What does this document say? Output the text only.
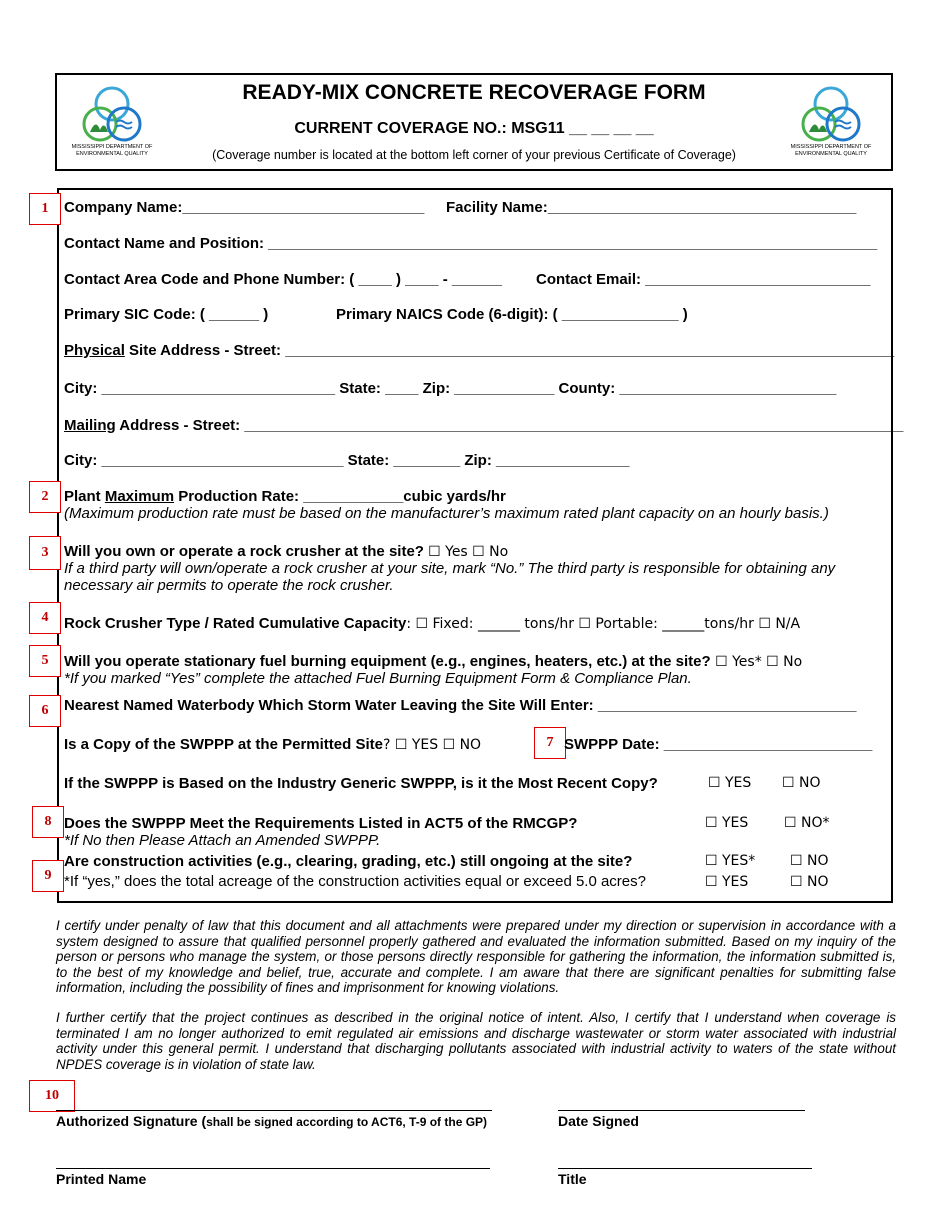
MISSISSIPPI DEPARTMENT OF
ENVIRONMENTAL QUALITY
MISSISSIPPI DEPARTMENT OF
ENVIRONMENTAL QUALITY
READY-MIX CONCRETE RECOVERAGE FORM
CURRENT COVERAGE NO.: MSG11 __ __ __ __
(Coverage number is located at the bottom left corner of your previous Certificate of Coverage)
1
2
3
4
5
6
7
8
9
10
Company Name:_____________________________ Facility Name:_____________________________________
Contact Name and Position: _________________________________________________________________________
Contact Area Code and Phone Number: ( ____ ) ____ - ______ Contact Email: ___________________________
Primary SIC Code: ( ______ )	Primary NAICS Code (6-digit): ( ______________ )
Physical Site Address - Street: _________________________________________________________________________
City: ____________________________ State: ____ Zip: ____________ County: __________________________
Mailing Address - Street: _______________________________________________________________________________
City: _____________________________ State: ________ Zip: ________________
Plant Maximum Production Rate: ____________cubic yards/hr
(Maximum production rate must be based on the manufacturer’s maximum rated plant capacity on an hourly basis.)
Will you own or operate a rock crusher at the site? ☐ Yes ☐ No
If a third party will own/operate a rock crusher at your site, mark “No.” The third party is responsible for obtaining any necessary air permits to operate the rock crusher.
Rock Crusher Type / Rated Cumulative Capacity: ☐ Fixed: ______ tons/hr ☐ Portable: ______tons/hr ☐ N/A
Will you operate stationary fuel burning equipment (e.g., engines, heaters, etc.) at the site? ☐ Yes* ☐ No
*If you marked “Yes” complete the attached Fuel Burning Equipment Form & Compliance Plan.
Nearest Named Waterbody Which Storm Water Leaving the Site Will Enter: _______________________________
Is a Copy of the SWPPP at the Permitted Site? ☐ YES ☐ NO	SWPPP Date: _________________________
If the SWPPP is Based on the Industry Generic SWPPP, is it the Most Recent Copy?	☐ YES ☐ NO
Does the SWPPP Meet the Requirements Listed in ACT5 of the RMCGP?	☐ YES	☐ NO*
*If No then Please Attach an Amended SWPPP.
Are construction activities (e.g., clearing, grading, etc.) still ongoing at the site?	☐ YES* ☐ NO
*If “yes,” does the total acreage of the construction activities equal or exceed 5.0 acres?	☐ YES	☐ NO
I certify under penalty of law that this document and all attachments were prepared under my direction or supervision in accordance with a system designed to assure that qualified personnel properly gathered and evaluated the information submitted. Based on my inquiry of the person or persons who manage the system, or those persons directly responsible for gathering the information, the information submitted is, to the best of my knowledge and belief, true, accurate and complete. I am aware that there are significant penalties for submitting false information, including the possibility of fines and imprisonment for knowing violations.
I further certify that the project continues as described in the original notice of intent. Also, I certify that I understand when coverage is terminated I am no longer authorized to emit regulated air emissions and discharge wastewater or storm water associated with industrial activity under this general permit. I understand that discharging pollutants associated with industrial activity to waters of the state without NPDES coverage is in violation of state law.
Authorized Signature (shall be signed according to ACT6, T-9 of the GP)	Date Signed
Printed Name	Title
